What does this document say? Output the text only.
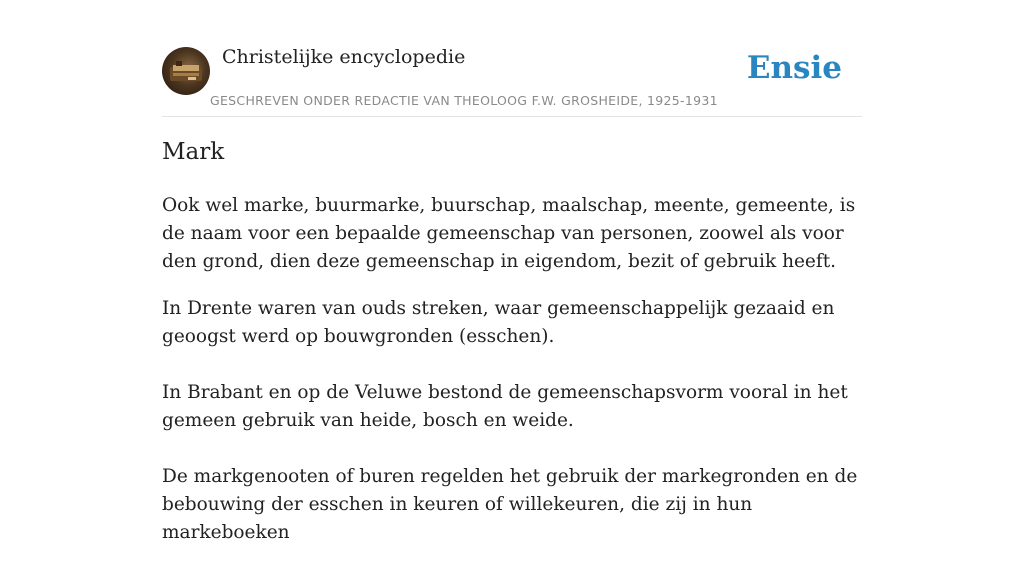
Christelijke encyclopedie
GESCHREVEN ONDER REDACTIE VAN THEOLOOG F.W. GROSHEIDE, 1925-1931
Ensie
Mark

Ook wel marke, buurmarke, buurschap, maalschap, meente, gemeente, is de naam voor een bepaalde gemeenschap van personen, zoowel als voor den grond, dien deze gemeenschap in eigendom, bezit of gebruik heeft.

In Drente waren van ouds streken, waar gemeenschappelijk gezaaid en geoogst werd op bouwgronden (esschen).

In Brabant en op de Veluwe bestond de gemeenschapsvorm vooral in het gemeen gebruik van heide, bosch en weide.

De markgenooten of buren regelden het gebruik der markegronden en de bebouwing der esschen in keuren of willekeuren, die zij in hun markeboeken
